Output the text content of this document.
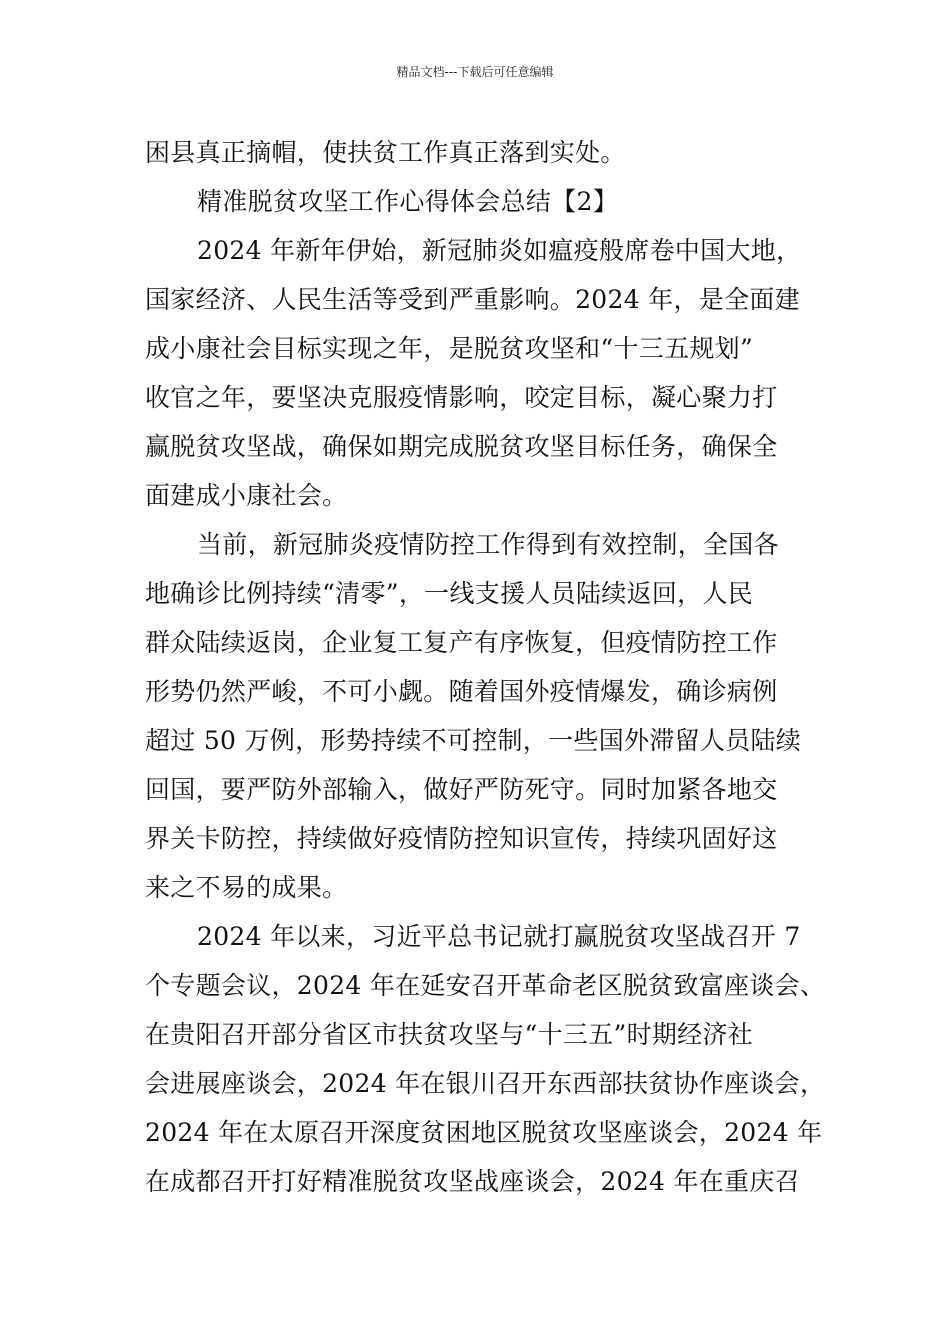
精品文档---下载后可任意编辑
困县真正摘帽，使扶贫工作真正落到实处。
精准脱贫攻坚工作心得体会总结【2】
2024 年新年伊始，新冠肺炎如瘟疫般席卷中国大地，
国家经济、人民生活等受到严重影响。2024 年，是全面建
成小康社会目标实现之年，是脱贫攻坚和“十三五规划”
收官之年，要坚决克服疫情影响，咬定目标，凝心聚力打
赢脱贫攻坚战，确保如期完成脱贫攻坚目标任务，确保全
面建成小康社会。
当前，新冠肺炎疫情防控工作得到有效控制，全国各
地确诊比例持续“清零”，一线支援人员陆续返回，人民
群众陆续返岗，企业复工复产有序恢复，但疫情防控工作
形势仍然严峻，不可小觑。随着国外疫情爆发，确诊病例
超过 50 万例，形势持续不可控制，一些国外滞留人员陆续
回国，要严防外部输入，做好严防死守。同时加紧各地交
界关卡防控，持续做好疫情防控知识宣传，持续巩固好这
来之不易的成果。
2024 年以来，习近平总书记就打赢脱贫攻坚战召开 7
个专题会议，2024 年在延安召开革命老区脱贫致富座谈会、
在贵阳召开部分省区市扶贫攻坚与“十三五”时期经济社
会进展座谈会，2024 年在银川召开东西部扶贫协作座谈会，
2024 年在太原召开深度贫困地区脱贫攻坚座谈会，2024 年
在成都召开打好精准脱贫攻坚战座谈会，2024 年在重庆召
